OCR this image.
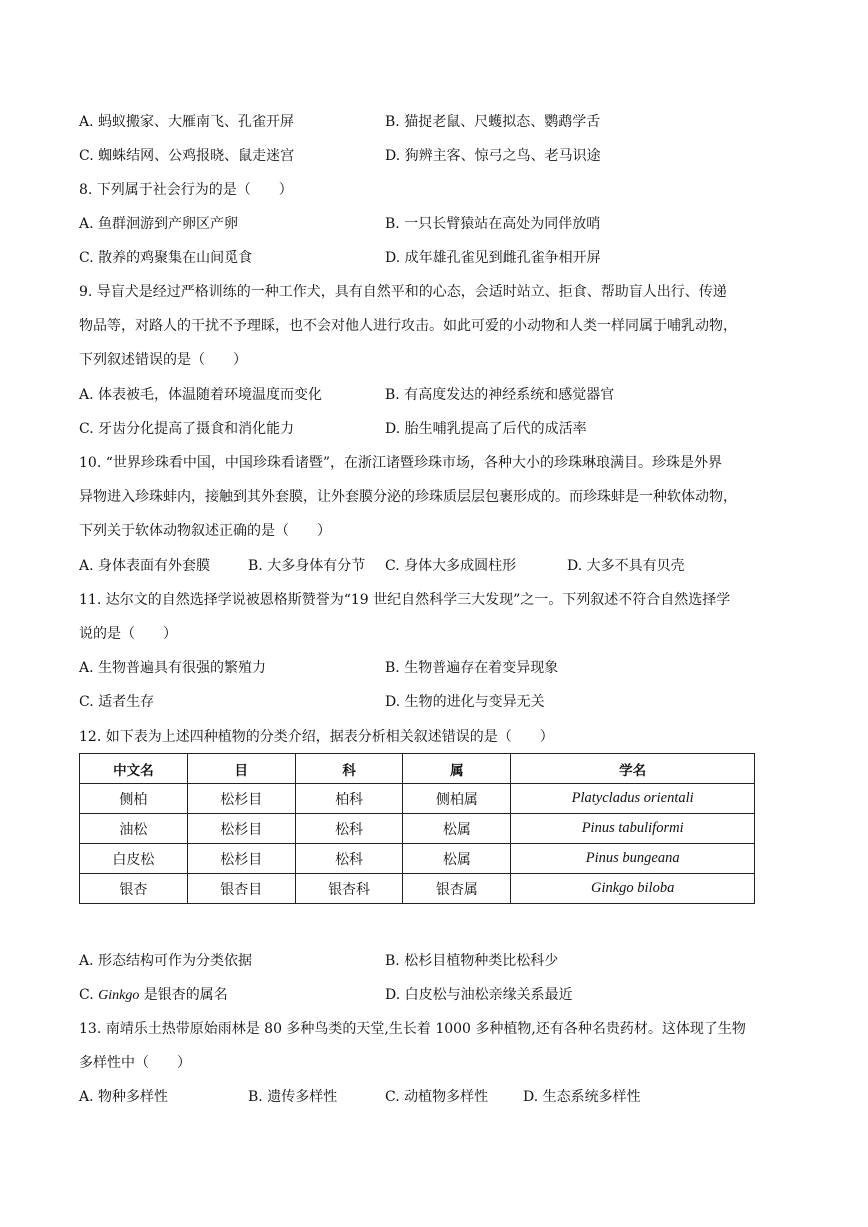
A. 蚂蚁搬家、大雁南飞、孔雀开屏	B. 猫捉老鼠、尺蠖拟态、鹦鹉学舌
C. 蜘蛛结网、公鸡报晓、鼠走迷宫	D. 狗辨主客、惊弓之鸟、老马识途
8. 下列属于社会行为的是（　　）
A. 鱼群洄游到产卵区产卵	B. 一只长臂猿站在高处为同伴放哨
C. 散养的鸡聚集在山间觅食	D. 成年雄孔雀见到雌孔雀争相开屏
9. 导盲犬是经过严格训练的一种工作犬，具有自然平和的心态，会适时站立、拒食、帮助盲人出行、传递
物品等，对路人的干扰不予理睬，也不会对他人进行攻击。如此可爱的小动物和人类一样同属于哺乳动物，
下列叙述错误的是（　　）
A. 体表被毛，体温随着环境温度而变化	B. 有高度发达的神经系统和感觉器官
C. 牙齿分化提高了摄食和消化能力	D. 胎生哺乳提高了后代的成活率
10. “世界珍珠看中国，中国珍珠看诸暨”，在浙江诸暨珍珠市场，各种大小的珍珠琳琅满目。珍珠是外界
异物进入珍珠蚌内，接触到其外套膜，让外套膜分泌的珍珠质层层包裹形成的。而珍珠蚌是一种软体动物，
下列关于软体动物叙述正确的是（　　）
A. 身体表面有外套膜	B. 大多身体有分节 C. 身体大多成圆柱形	D. 大多不具有贝壳
11. 达尔文的自然选择学说被恩格斯赞誉为“19 世纪自然科学三大发现”之一。下列叙述不符合自然选择学
说的是（　　）
A. 生物普遍具有很强的繁殖力	B. 生物普遍存在着变异现象
C. 适者生存	D. 生物的进化与变异无关
12. 如下表为上述四种植物的分类介绍，据表分析相关叙述错误的是（　　）
中文名	目	科	属	学名
侧柏	松杉目	柏科	侧柏属	Platycladus orientali
油松	松杉目	松科	松属	Pinus tabuliformi
白皮松	松杉目	松科	松属	Pinus bungeana
银杏	银杏目	银杏科	银杏属	Ginkgo biloba
A. 形态结构可作为分类依据	B. 松杉目植物种类比松科少
C. Ginkgo 是银杏的属名	D. 白皮松与油松亲缘关系最近
13. 南靖乐土热带原始雨林是 80 多种鸟类的天堂,生长着 1000 多种植物,还有各种名贵药材。这体现了生物
多样性中（　　）
A. 物种多样性	B. 遗传多样性	C. 动植物多样性 D. 生态系统多样性
